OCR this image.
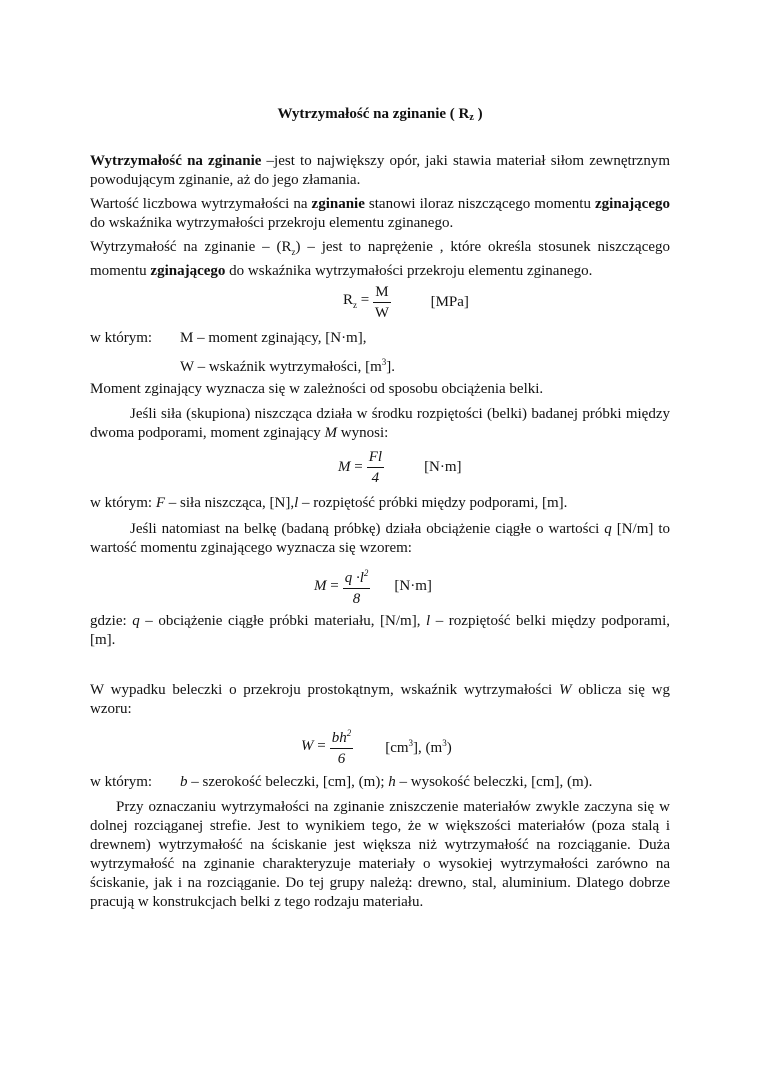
Wytrzymałość na zginanie ( $R_z$ )

Wytrzymałość na zginanie –jest to największy opór, jaki stawia materiał siłom zewnętrznym powodującym zginanie, aż do jego złamania.

Wartość liczbowa wytrzymałości na zginanie stanowi iloraz niszczącego momentu zginającego do wskaźnika wytrzymałości przekroju elementu zginanego.

Wytrzymałość na zginanie – $(R_z)$ – jest to naprężenie , które określa stosunek niszczącego momentu zginającego do wskaźnika wytrzymałości przekroju elementu zginanego.

$R_z = \frac{M}{W}$	[MPa]
w którym: M – moment zginający, [N·m],
W – wskaźnik wytrzymałości, $[m^3]$.

Moment zginający wyznacza się w zależności od sposobu obciążenia belki.

Jeśli siła (skupiona) niszcząca działa w środku rozpiętości (belki) badanej próbki między dwoma podporami, moment zginający M wynosi:

$M = \frac{Fl}{4}$	[N·m]
w którym: F – siła niszcząca, [N],l – rozpiętość próbki między podporami, [m].

Jeśli natomiast na belkę (badaną próbkę) działa obciążenie ciągłe o wartości q [N/m] to wartość momentu zginającego wyznacza się wzorem:

$M = \frac{q \cdot l^2}{8} [N\cdot m]$

gdzie: q – obciążenie ciągłe próbki materiału, [N/m], l – rozpiętość belki między podporami, [m].

W wypadku beleczki o przekroju prostokątnym, wskaźnik wytrzymałości W oblicza się wg wzoru:

$W = \frac{bh^2}{6} [cm^3]$, $(m^3)$
w którym: b – szerokość beleczki, [cm], (m); h – wysokość beleczki, [cm], (m).

Przy oznaczaniu wytrzymałości na zginanie zniszczenie materiałów zwykle zaczyna się w dolnej rozciąganej strefie. Jest to wynikiem tego, że w większości materiałów (poza stalą i drewnem) wytrzymałość na ściskanie jest większa niż wytrzymałość na rozciąganie. Duża wytrzymałość na zginanie charakteryzuje materiały o wysokiej wytrzymałości zarówno na ściskanie, jak i na rozciąganie. Do tej grupy należą: drewno, stal, aluminium. Dlatego dobrze pracują w konstrukcjach belki z tego rodzaju materiału.
